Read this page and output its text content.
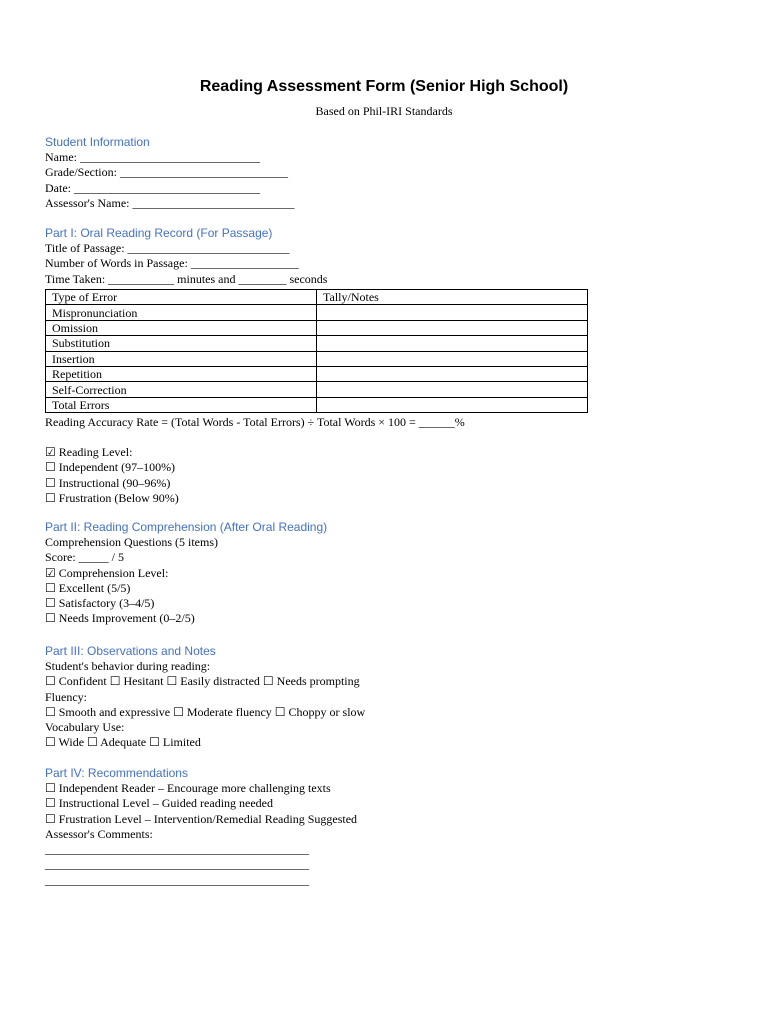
Reading Assessment Form (Senior High School)
Based on Phil-IRI Standards
Student Information
Name: ______________________________
Grade/Section: ____________________________
Date: _______________________________
Assessor's Name: ___________________________
Part I: Oral Reading Record (For Passage)
Title of Passage: ___________________________
Number of Words in Passage: __________________
Time Taken: ___________ minutes and ________ seconds
Type of Error	Tally/Notes
Mispronunciation	
Omission	
Substitution	
Insertion	
Repetition	
Self-Correction	
Total Errors	
Reading Accuracy Rate = (Total Words - Total Errors) ÷ Total Words × 100 = ______%
☑ Reading Level:
☐ Independent (97–100%)
☐ Instructional (90–96%)
☐ Frustration (Below 90%)
Part II: Reading Comprehension (After Oral Reading)
Comprehension Questions (5 items)
Score: _____ / 5
☑ Comprehension Level:
☐ Excellent (5/5)
☐ Satisfactory (3–4/5)
☐ Needs Improvement (0–2/5)
Part III: Observations and Notes
Student's behavior during reading:
☐ Confident ☐ Hesitant ☐ Easily distracted ☐ Needs prompting
Fluency:
☐ Smooth and expressive ☐ Moderate fluency ☐ Choppy or slow
Vocabulary Use:
☐ Wide ☐ Adequate ☐ Limited
Part IV: Recommendations
☐ Independent Reader – Encourage more challenging texts
☐ Instructional Level – Guided reading needed
☐ Frustration Level – Intervention/Remedial Reading Suggested
Assessor's Comments:
____________________________________________
____________________________________________
____________________________________________
